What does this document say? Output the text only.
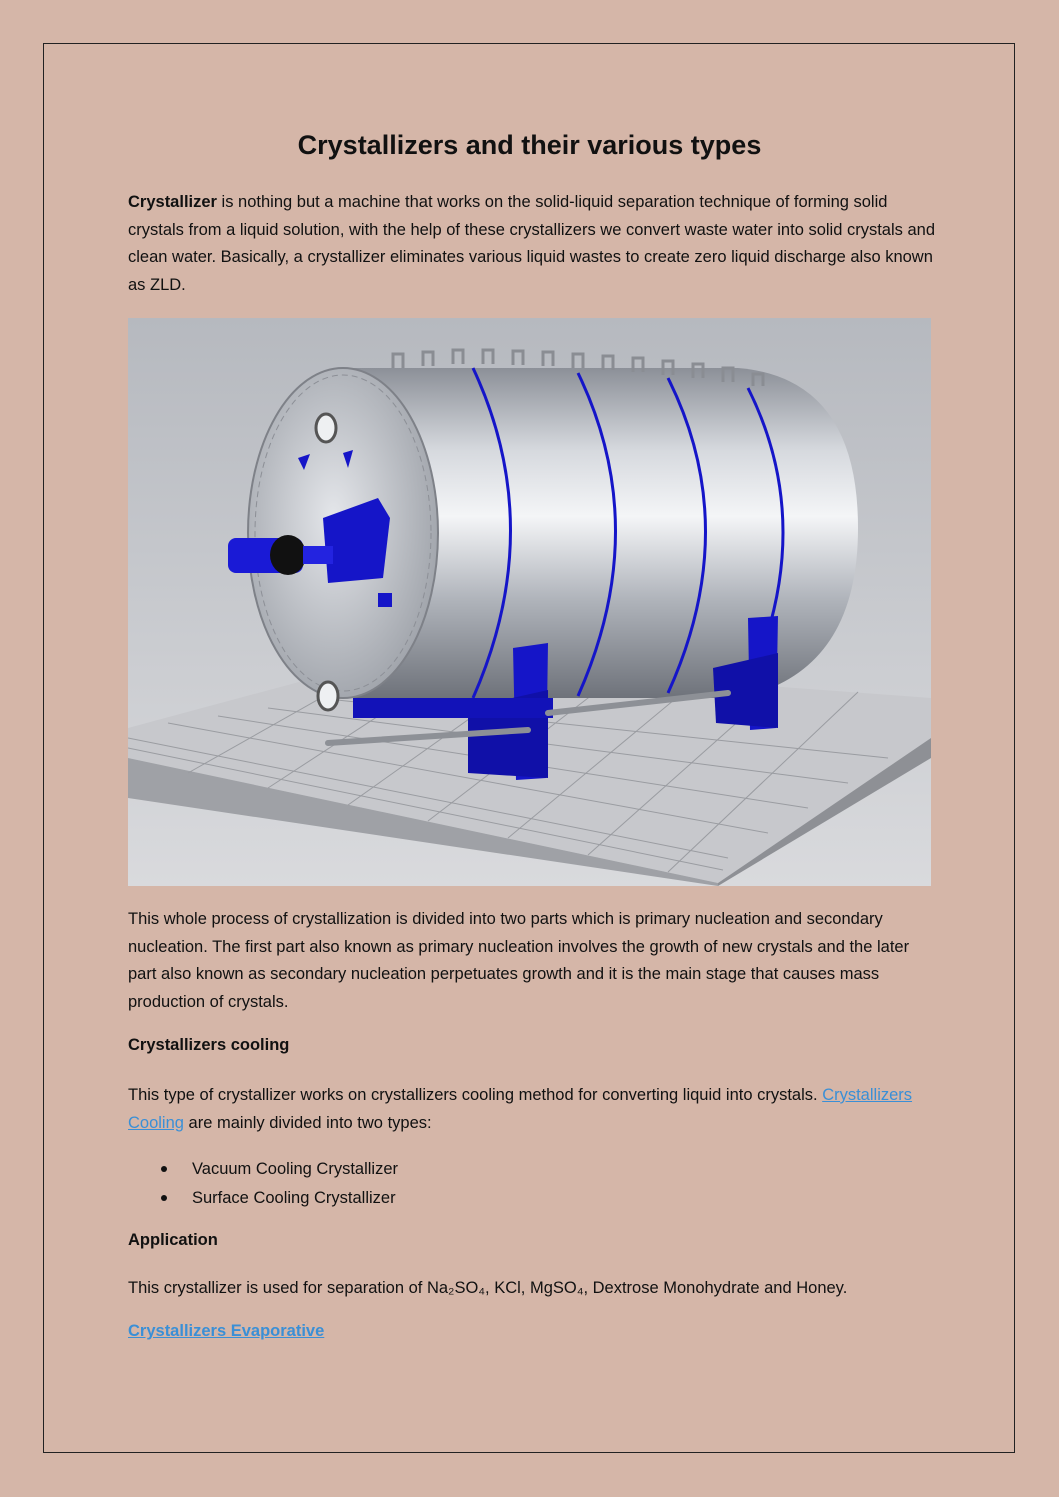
Crystallizers and their various types

Crystallizer is nothing but a machine that works on the solid-liquid separation technique of forming solid crystals from a liquid solution, with the help of these crystallizers we convert waste water into solid crystals and clean water. Basically, a crystallizer eliminates various liquid wastes to create zero liquid discharge also known as ZLD.

This whole process of crystallization is divided into two parts which is primary nucleation and secondary nucleation. The first part also known as primary nucleation involves the growth of new crystals and the later part also known as secondary nucleation perpetuates growth and it is the main stage that causes mass production of crystals.

Crystallizers cooling

This type of crystallizer works on crystallizers cooling method for converting liquid into crystals. Crystallizers Cooling are mainly divided into two types:

Vacuum Cooling Crystallizer
Surface Cooling Crystallizer
Application

This crystallizer is used for separation of Na₂SO₄, KCl, MgSO₄, Dextrose Monohydrate and Honey.

Crystallizers Evaporative
